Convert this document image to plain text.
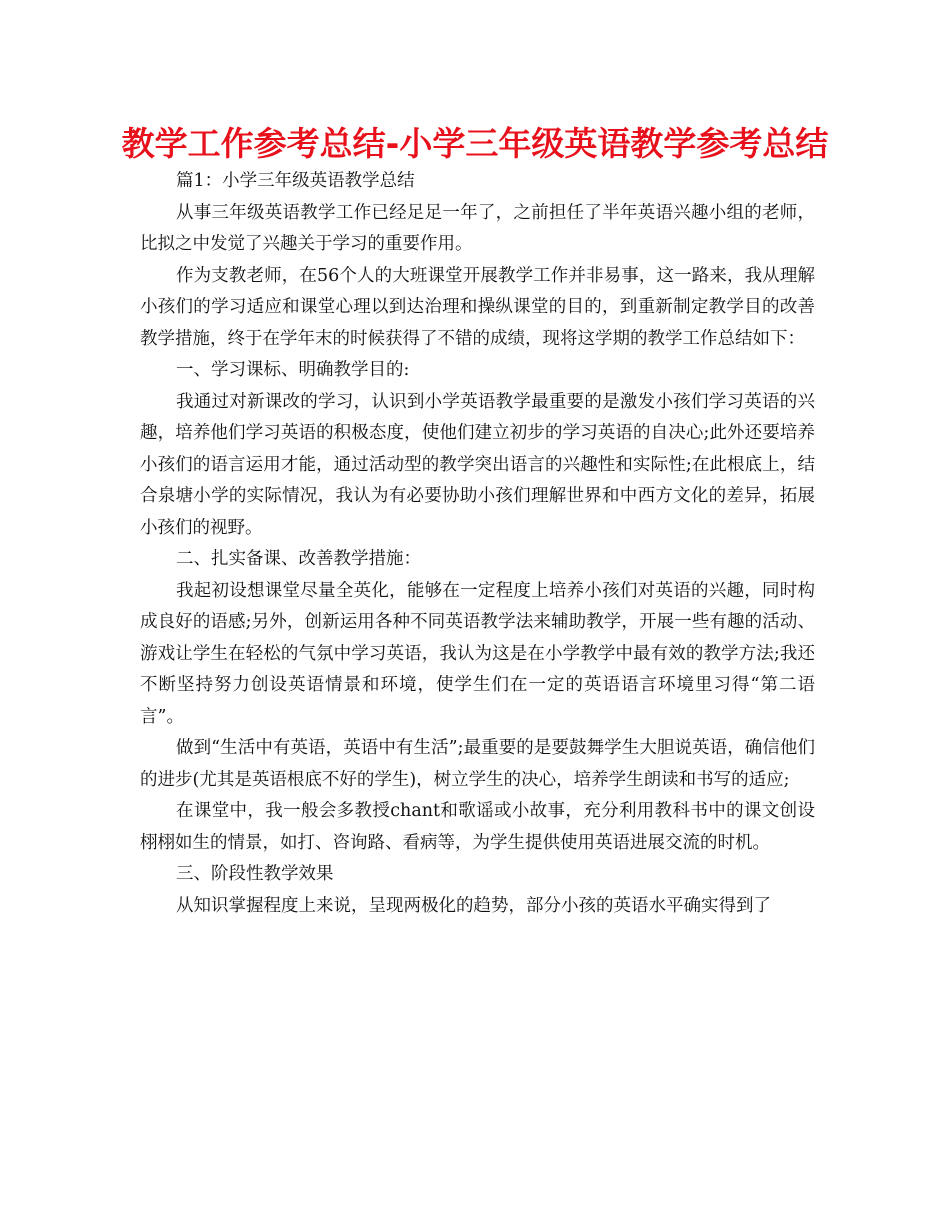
教学工作参考总结-小学三年级英语教学参考总结

篇1：小学三年级英语教学总结

从事三年级英语教学工作已经足足一年了，之前担任了半年英语兴趣小组的老师，比拟之中发觉了兴趣关于学习的重要作用。

作为支教老师，在56个人的大班课堂开展教学工作并非易事，这一路来，我从理解小孩们的学习适应和课堂心理以到达治理和操纵课堂的目的，到重新制定教学目的改善教学措施，终于在学年末的时候获得了不错的成绩，现将这学期的教学工作总结如下：

一、学习课标、明确教学目的:

我通过对新课改的学习，认识到小学英语教学最重要的是激发小孩们学习英语的兴趣，培养他们学习英语的积极态度，使他们建立初步的学习英语的自决心;此外还要培养小孩们的语言运用才能，通过活动型的教学突出语言的兴趣性和实际性;在此根底上，结合泉塘小学的实际情况，我认为有必要协助小孩们理解世界和中西方文化的差异，拓展小孩们的视野。

二、扎实备课、改善教学措施：

我起初设想课堂尽量全英化，能够在一定程度上培养小孩们对英语的兴趣，同时构成良好的语感;另外，创新运用各种不同英语教学法来辅助教学，开展一些有趣的活动、游戏让学生在轻松的气氛中学习英语，我认为这是在小学教学中最有效的教学方法;我还不断坚持努力创设英语情景和环境，使学生们在一定的英语语言环境里习得“第二语言”。

做到“生活中有英语，英语中有生活”;最重要的是要鼓舞学生大胆说英语，确信他们的进步(尤其是英语根底不好的学生)，树立学生的决心，培养学生朗读和书写的适应;

在课堂中，我一般会多教授chant和歌谣或小故事，充分利用教科书中的课文创设栩栩如生的情景，如打、咨询路、看病等，为学生提供使用英语进展交流的时机。

三、阶段性教学效果

从知识掌握程度上来说，呈现两极化的趋势，部分小孩的英语水平确实得到了
